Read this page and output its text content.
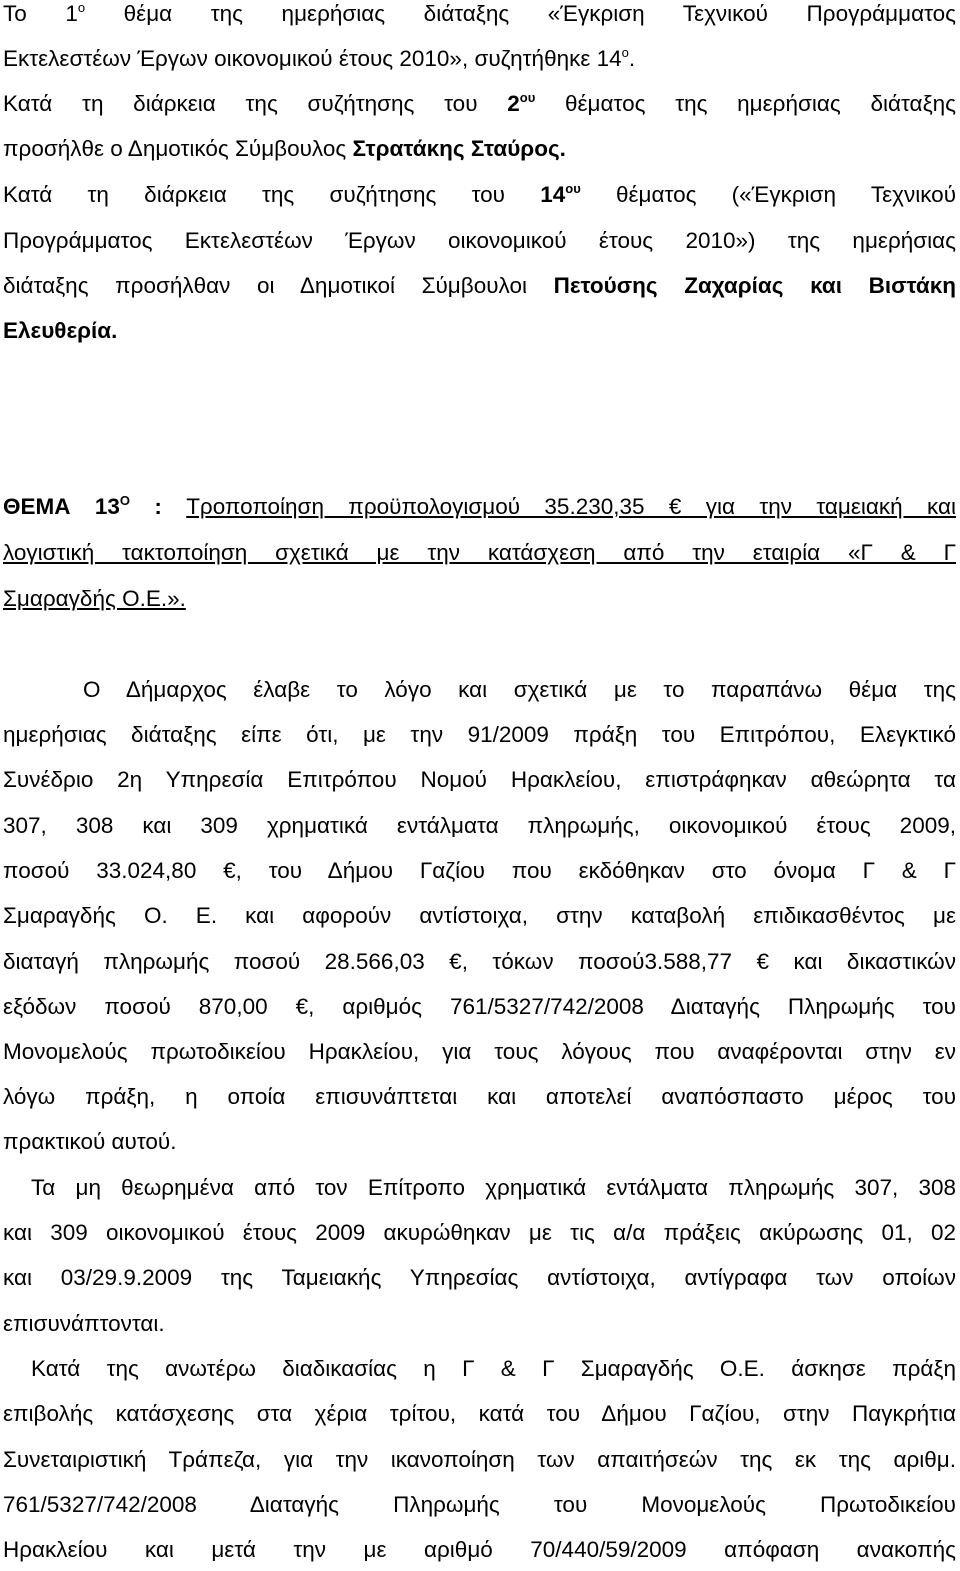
Το $1^o$ θέμα της ημερήσιας διάταξης «Έγκριση Τεχνικού Προγράμματος
Εκτελεστέων Έργων οικονομικού έτους 2010», συζητήθηκε $14^o$.
Κατά τη διάρκεια της συζήτησης του $2^{o\upsilon}$ θέματος της ημερήσιας διάταξης
προσήλθε ο Δημοτικός Σύμβουλος Στρατάκης Σταύρος.
Κατά τη διάρκεια της συζήτησης του $14^{o\upsilon}$ θέματος («Έγκριση Τεχνικού
Προγράμματος Εκτελεστέων Έργων οικονομικού έτους 2010») της ημερήσιας
διάταξης προσήλθαν οι Δημοτικοί Σύμβουλοι Πετούσης Ζαχαρίας και Βιστάκη
Ελευθερία.
ΘΕΜΑ $13^O$ : Τροποποίηση προϋπολογισμού 35.230,35 € για την ταμειακή και
λογιστική τακτοποίηση σχετικά με την κατάσχεση από την εταιρία «Γ & Γ
Σμαραγδής Ο.Ε.».
Ο Δήμαρχος έλαβε το λόγο και σχετικά με το παραπάνω θέμα της
ημερήσιας διάταξης είπε ότι, με την 91/2009 πράξη του Επιτρόπου, Ελεγκτικό
Συνέδριο 2η Υπηρεσία Επιτρόπου Νομού Ηρακλείου, επιστράφηκαν αθεώρητα τα
307, 308 και 309 χρηματικά εντάλματα πληρωμής, οικονομικού έτους 2009,
ποσού 33.024,80 €, του Δήμου Γαζίου που εκδόθηκαν στο όνομα Γ & Γ
Σμαραγδής Ο. Ε. και αφορούν αντίστοιχα, στην καταβολή επιδικασθέντος με
διαταγή πληρωμής ποσού 28.566,03 €, τόκων ποσού3.588,77 € και δικαστικών
εξόδων ποσού 870,00 €, αριθμός 761/5327/742/2008 Διαταγής Πληρωμής του
Μονομελούς πρωτοδικείου Ηρακλείου, για τους λόγους που αναφέρονται στην εν
λόγω πράξη, η οποία επισυνάπτεται και αποτελεί αναπόσπαστο μέρος του
πρακτικού αυτού.
Τα μη θεωρημένα από τον Επίτροπο χρηματικά εντάλματα πληρωμής 307, 308
και 309 οικονομικού έτους 2009 ακυρώθηκαν με τις α/α πράξεις ακύρωσης 01, 02
και 03/29.9.2009 της Ταμειακής Υπηρεσίας αντίστοιχα, αντίγραφα των οποίων
επισυνάπτονται.
Κατά της ανωτέρω διαδικασίας η Γ & Γ Σμαραγδής Ο.Ε. άσκησε πράξη
επιβολής κατάσχεσης στα χέρια τρίτου, κατά του Δήμου Γαζίου, στην Παγκρήτια
Συνεταιριστική Τράπεζα, για την ικανοποίηση των απαιτήσεών της εκ της αριθμ.
761/5327/742/2008 Διαταγής Πληρωμής του Μονομελούς Πρωτοδικείου
Ηρακλείου και μετά την με αριθμό 70/440/59/2009 απόφαση ανακοπής
